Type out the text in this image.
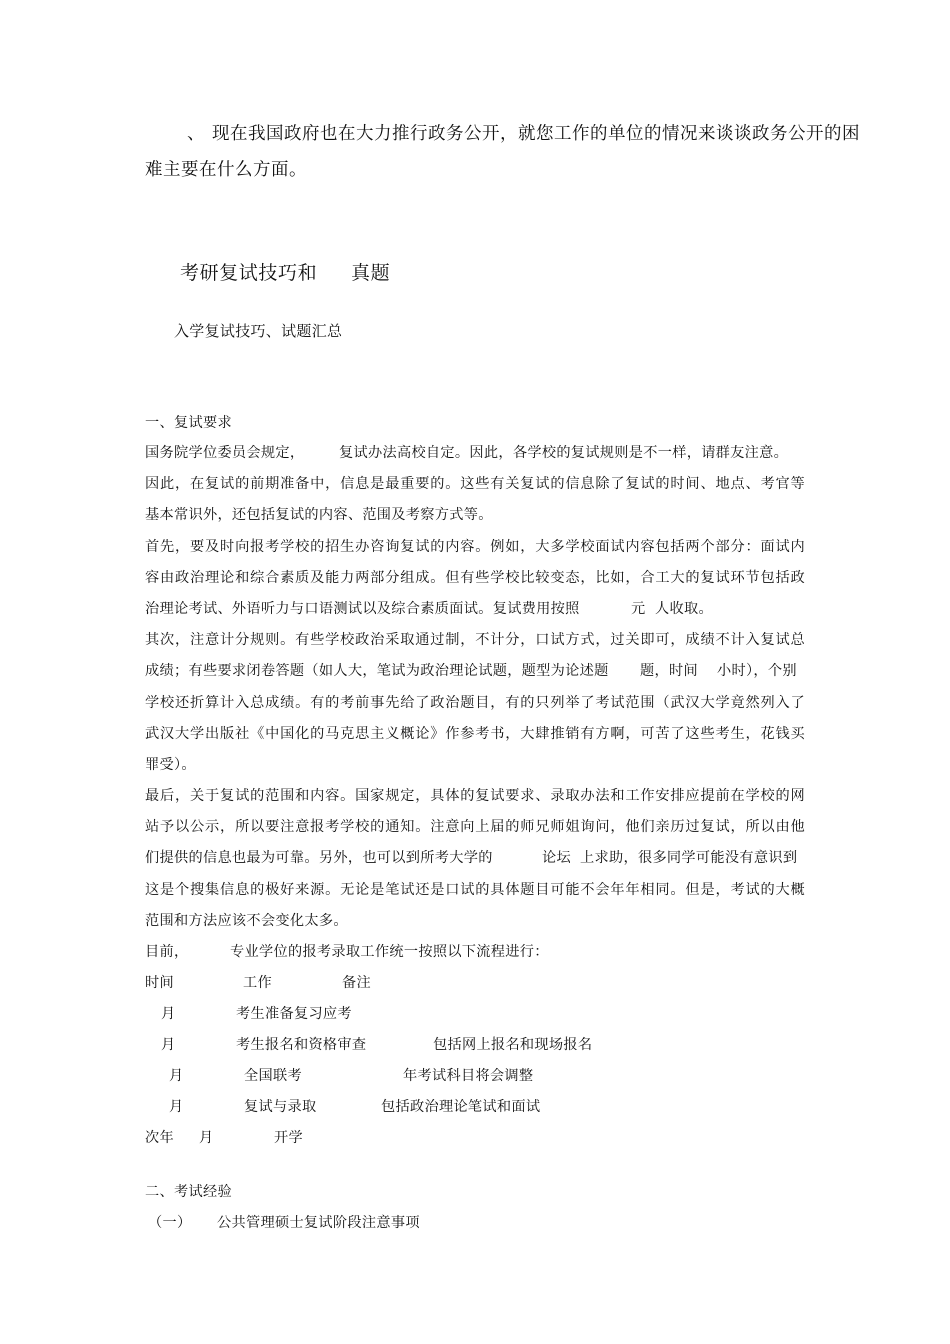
、 现在我国政府也在大力推行政务公开，就您工作的单位的情况来谈谈政务公开的困
难主要在什么方面。
考研复试技巧和 真题
入学复试技巧、试题汇总
一、复试要求
国务院学位委员会规定， 复试办法高校自定。因此，各学校的复试规则是不一样，请群友注意。
因此，在复试的前期准备中，信息是最重要的。这些有关复试的信息除了复试的时间、地点、考官等
基本常识外，还包括复试的内容、范围及考察方式等。
首先，要及时向报考学校的招生办咨询复试的内容。例如，大多学校面试内容包括两个部分：面试内
容由政治理论和综合素质及能力两部分组成。但有些学校比较变态，比如，合工大的复试环节包括政
治理论考试、外语听力与口语测试以及综合素质面试。复试费用按照	元 人收取。
其次，注意计分规则。有些学校政治采取通过制，不计分，口试方式，过关即可，成绩不计入复试总
成绩；有些要求闭卷答题（如人大，笔试为政治理论试题，题型为论述题 题，时间 小时），个别
学校还折算计入总成绩。有的考前事先给了政治题目，有的只列举了考试范围（武汉大学竟然列入了
武汉大学出版社《中国化的马克思主义概论》作参考书，大肆推销有方啊，可苦了这些考生，花钱买
罪受）。
最后，关于复试的范围和内容。国家规定，具体的复试要求、录取办法和工作安排应提前在学校的网
站予以公示，所以要注意报考学校的通知。注意向上届的师兄师姐询问，他们亲历过复试，所以由他
们提供的信息也最为可靠。另外，也可以到所考大学的	论坛 上求助，很多同学可能没有意识到
这是个搜集信息的极好来源。无论是笔试还是口试的具体题目可能不会年年相同。但是，考试的大概
范围和方法应该不会变化太多。
目前，	专业学位的报考录取工作统一按照以下流程进行：
时间	工作	备注
月	考生准备复习应考
月	考生报名和资格审查	包括网上报名和现场报名
月	全国联考	年考试科目将会调整
月	复试与录取	包括政治理论笔试和面试
次年 月	开学
二、考试经验
（一） 公共管理硕士复试阶段注意事项
